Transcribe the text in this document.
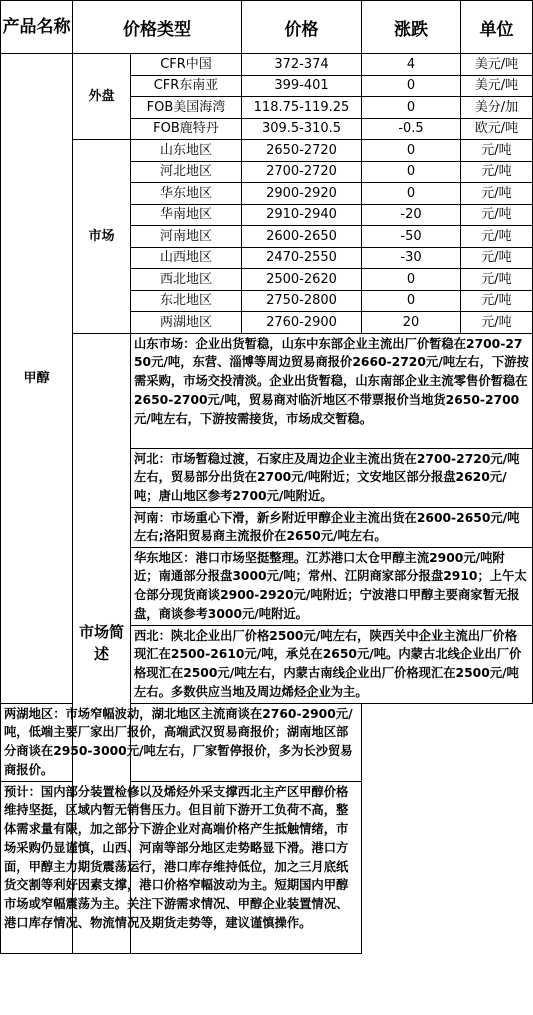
产品名称	价格类型		价格	涨跌	单位
甲醇	外盘	CFR中国	372-374	4	美元/吨
		CFR东南亚	399-401	0	美元/吨
		FOB美国海湾	118.75-119.25	0	美分/加
		FOB鹿特丹	309.5-310.5	-0.5	欧元/吨
	市场	山东地区	2650-2720	0	元/吨
		河北地区	2700-2720	0	元/吨
		华东地区	2900-2920	0	元/吨
		华南地区	2910-2940	-20	元/吨
		河南地区	2600-2650	-50	元/吨
		山西地区	2470-2550	-30	元/吨
		西北地区	2500-2620	0	元/吨
		东北地区	2750-2800	0	元/吨
		两湖地区	2760-2900	20	元/吨
	市场简述	山东市场：企业出货暂稳，山东中东部企业主流出厂价暂稳在2700-2750元/吨，东营、淄博等周边贸易商报价2660-2720元/吨左右，下游按需采购，市场交投清淡。企业出货暂稳，山东南部企业主流零售价暂稳在2650-2700元/吨，贸易商对临沂地区不带票报价当地货2650-2700元/吨左右，下游按需接货，市场成交暂稳。			
		河北：市场暂稳过渡，石家庄及周边企业主流出货在2700-2720元/吨左右，贸易部分出货在2700元/吨附近；文安地区部分报盘2620元/吨；唐山地区参考2700元/吨附近。			
		河南：市场重心下滑，新乡附近甲醇企业主流出货在2600-2650元/吨左右;洛阳贸易商主流报价在2650元/吨左右。			
		华东地区：港口市场坚挺整理。江苏港口太仓甲醇主流2900元/吨附近；南通部分报盘3000元/吨；常州、江阴商家部分报盘2910；上午太仓部分现货商谈2900-2920元/吨附近；宁波港口甲醇主要商家暂无报盘，商谈参考3000元/吨附近。			
		西北：陕北企业出厂价格2500元/吨左右，陕西关中企业主流出厂价格现汇在2500-2610元/吨，承兑在2650元/吨。内蒙古北线企业出厂价格现汇在2500元/吨左右，内蒙古南线企业出厂价格现汇在2500元/吨左右。多数供应当地及周边烯烃企业为主。			
两湖地区：市场窄幅波动，湖北地区主流商谈在2760-2900元/吨，低端主要厂家出厂报价，高端武汉贸易商报价；湖南地区部分商谈在2950-3000元/吨左右，厂家暂停报价，多为长沙贸易商报价。					
预计：国内部分装置检修以及烯烃外采支撑西北主产区甲醇价格维持坚挺，区域内暂无销售压力。但目前下游开工负荷不高，整体需求量有限，加之部分下游企业对高端价格产生抵触情绪，市场采购仍显谨慎，山西、河南等部分地区走势略显下滑。港口方面，甲醇主力期货震荡运行，港口库存维持低位，加之三月底纸货交割等利好因素支撑，港口价格窄幅波动为主。短期国内甲醇市场或窄幅震荡为主。关注下游需求情况、甲醇企业装置情况、港口库存情况、物流情况及期货走势等，建议谨慎操作。					
